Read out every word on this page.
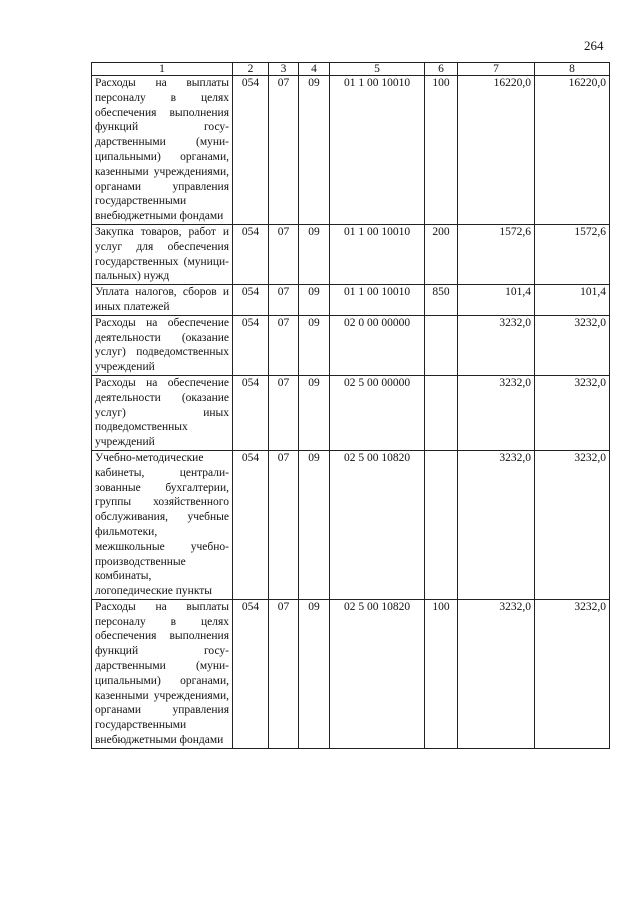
264
1	2	3	4	5	6	7	8
Расходы на выплаты персоналу в целях обеспечения выполнения функций государственными (муниципальными) органами, казенными учреждениями, органами управления государственными внебюджетными фондами	054	07	09	01 1 00 10010	100	16220,0	16220,0
Закупка товаров, работ и услуг для обеспечения государственных (муниципальных) нужд	054	07	09	01 1 00 10010	200	1572,6	1572,6
Уплата налогов, сборов и иных платежей	054	07	09	01 1 00 10010	850	101,4	101,4
Расходы на обеспечение деятельности (оказание услуг) подведомственных учреждений	054	07	09	02 0 00 00000		3232,0	3232,0
Расходы на обеспечение деятельности (оказание услуг) иных подведомственных учреждений	054	07	09	02 5 00 00000		3232,0	3232,0
Учебно-методические кабинеты, централизованные бухгалтерии, группы хозяйственного обслуживания, учебные фильмотеки, межшкольные учебно-производственные комбинаты, логопедические пункты	054	07	09	02 5 00 10820		3232,0	3232,0
Расходы на выплаты персоналу в целях обеспечения выполнения функций государственными (муниципальными) органами, казенными учреждениями, органами управления государственными внебюджетными фондами	054	07	09	02 5 00 10820	100	3232,0	3232,0
